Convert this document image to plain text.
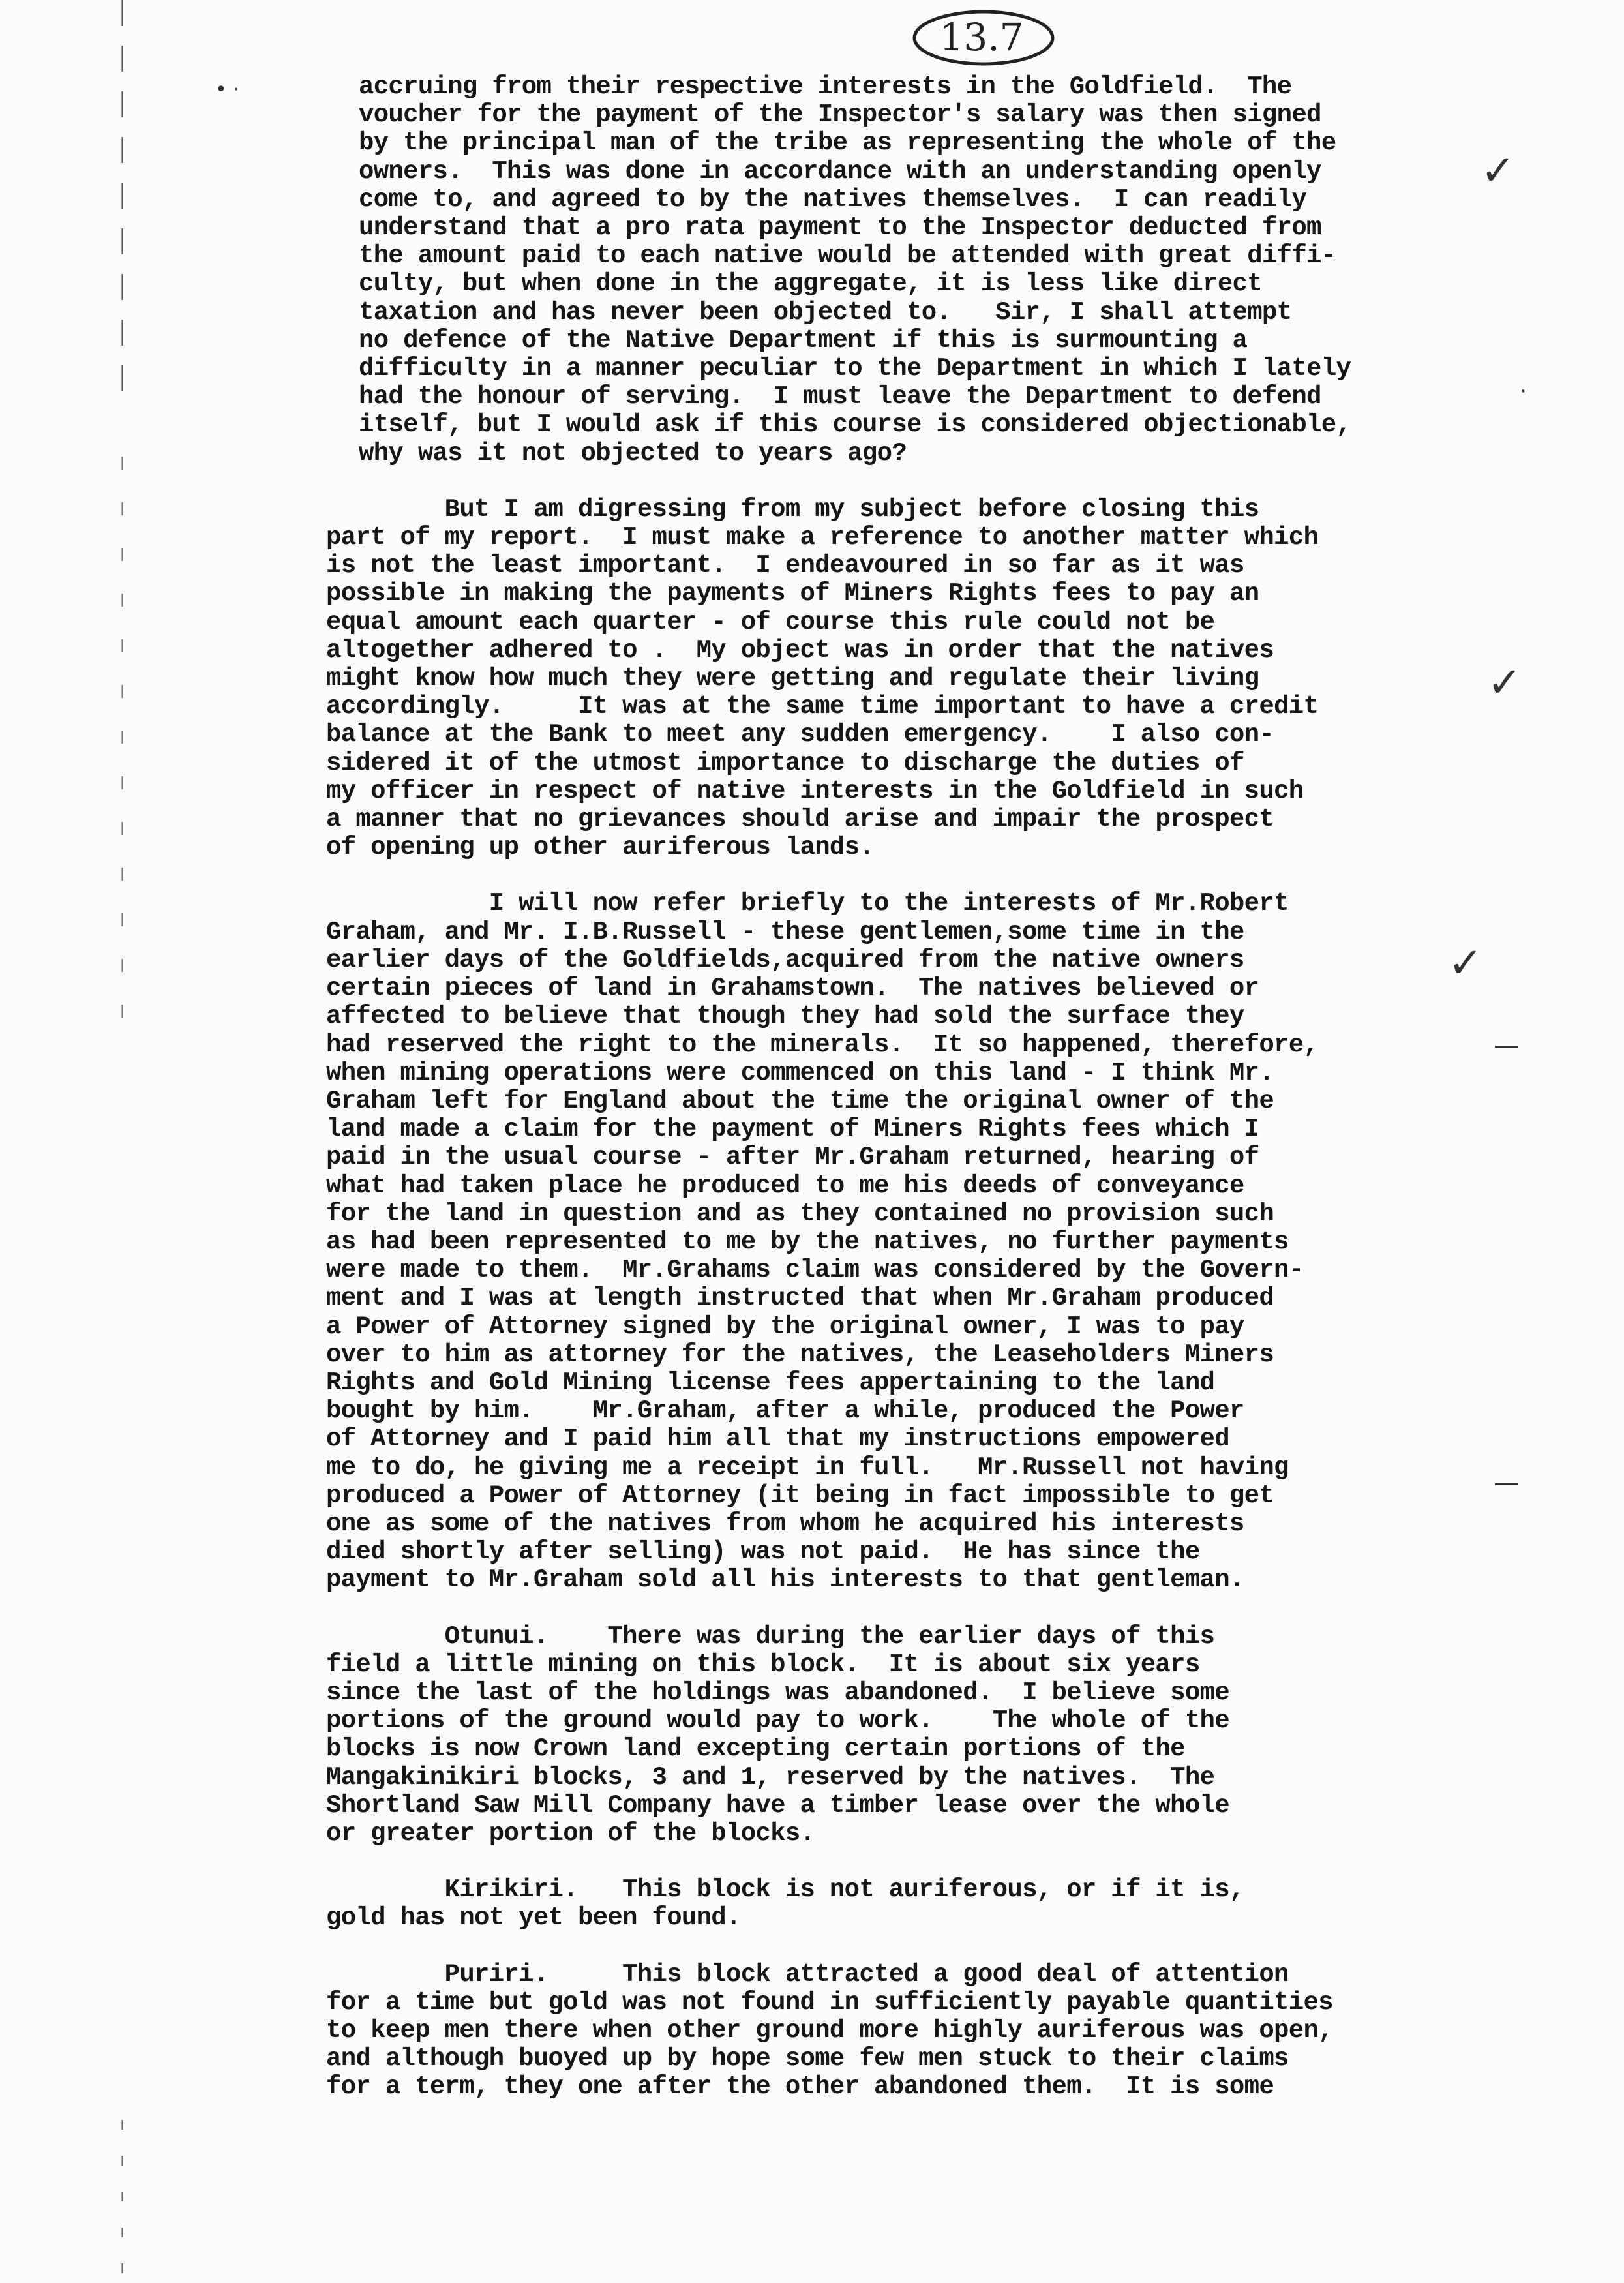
• ·
13.7
✓
✓
✓
—
—
·
accruing from their respective interests in the Goldfield.  The
voucher for the payment of the Inspector's salary was then signed
by the principal man of the tribe as representing the whole of the
owners.  This was done in accordance with an understanding openly
come to, and agreed to by the natives themselves.  I can readily
understand that a pro rata payment to the Inspector deducted from
the amount paid to each native would be attended with great diffi-
culty, but when done in the aggregate, it is less like direct
taxation and has never been objected to.   Sir, I shall attempt
no defence of the Native Department if this is surmounting a
difficulty in a manner peculiar to the Department in which I lately
had the honour of serving.  I must leave the Department to defend
itself, but I would ask if this course is considered objectionable,
why was it not objected to years ago?
But I am digressing from my subject before closing this
part of my report.  I must make a reference to another matter which
is not the least important.  I endeavoured in so far as it was
possible in making the payments of Miners Rights fees to pay an
equal amount each quarter - of course this rule could not be
altogether adhered to .  My object was in order that the natives
might know how much they were getting and regulate their living
accordingly.     It was at the same time important to have a credit
balance at the Bank to meet any sudden emergency.    I also con-
sidered it of the utmost importance to discharge the duties of
my officer in respect of native interests in the Goldfield in such
a manner that no grievances should arise and impair the prospect
of opening up other auriferous lands.
I will now refer briefly to the interests of Mr.Robert
Graham, and Mr. I.B.Russell - these gentlemen,some time in the
earlier days of the Goldfields,acquired from the native owners
certain pieces of land in Grahamstown.  The natives believed or
affected to believe that though they had sold the surface they
had reserved the right to the minerals.  It so happened, therefore,
when mining operations were commenced on this land - I think Mr.
Graham left for England about the time the original owner of the
land made a claim for the payment of Miners Rights fees which I
paid in the usual course - after Mr.Graham returned, hearing of
what had taken place he produced to me his deeds of conveyance
for the land in question and as they contained no provision such
as had been represented to me by the natives, no further payments
were made to them.  Mr.Grahams claim was considered by the Govern-
ment and I was at length instructed that when Mr.Graham produced
a Power of Attorney signed by the original owner, I was to pay
over to him as attorney for the natives, the Leaseholders Miners
Rights and Gold Mining license fees appertaining to the land
bought by him.    Mr.Graham, after a while, produced the Power
of Attorney and I paid him all that my instructions empowered
me to do, he giving me a receipt in full.   Mr.Russell not having
produced a Power of Attorney (it being in fact impossible to get
one as some of the natives from whom he acquired his interests
died shortly after selling) was not paid.  He has since the
payment to Mr.Graham sold all his interests to that gentleman.
Otunui.    There was during the earlier days of this
field a little mining on this block.  It is about six years
since the last of the holdings was abandoned.  I believe some
portions of the ground would pay to work.    The whole of the
blocks is now Crown land excepting certain portions of the
Mangakinikiri blocks, 3 and 1, reserved by the natives.  The
Shortland Saw Mill Company have a timber lease over the whole
or greater portion of the blocks.
Kirikiri.   This block is not auriferous, or if it is,
gold has not yet been found.
Puriri.     This block attracted a good deal of attention
for a time but gold was not found in sufficiently payable quantities
to keep men there when other ground more highly auriferous was open,
and although buoyed up by hope some few men stuck to their claims
for a term, they one after the other abandoned them.  It is some
